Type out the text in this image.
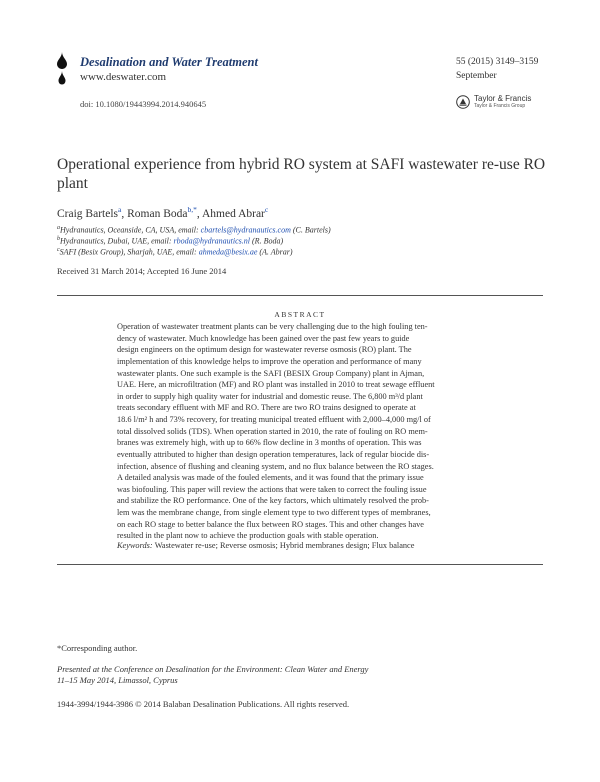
Desalination and Water Treatment
www.deswater.com
doi: 10.1080/19443994.2014.940645
55 (2015) 3149–3159
September
Taylor & Francis
Taylor & Francis Group
Operational experience from hybrid RO system at SAFI wastewater re-use RO plant
Craig Bartels$^a$, Roman Boda$^{b,*}$, Ahmed Abrar$^c$
$^a$Hydranautics, Oceanside, CA, USA, email: cbartels@hydranautics.com (C. Bartels)
$^b$Hydranautics, Dubai, UAE, email: rboda@hydranautics.nl (R. Boda)
$^c$SAFI (Besix Group), Sharjah, UAE, email: ahmeda@besix.ae (A. Abrar)
Received 31 March 2014; Accepted 16 June 2014
ABSTRACT

Operation of wastewater treatment plants can be very challenging due to the high fouling ten-

dency of wastewater. Much knowledge has been gained over the past few years to guide

design engineers on the optimum design for wastewater reverse osmosis (RO) plant. The

implementation of this knowledge helps to improve the operation and performance of many

wastewater plants. One such example is the SAFI (BESIX Group Company) plant in Ajman,

UAE. Here, an microfiltration (MF) and RO plant was installed in 2010 to treat sewage effluent

in order to supply high quality water for industrial and domestic reuse. The 6,800 m³/d plant

treats secondary effluent with MF and RO. There are two RO trains designed to operate at

18.6 l/m² h and 73% recovery, for treating municipal treated effluent with 2,000–4,000 mg/l of

total dissolved solids (TDS). When operation started in 2010, the rate of fouling on RO mem-

branes was extremely high, with up to 66% flow decline in 3 months of operation. This was

eventually attributed to higher than design operation temperatures, lack of regular biocide dis-

infection, absence of flushing and cleaning system, and no flux balance between the RO stages.

A detailed analysis was made of the fouled elements, and it was found that the primary issue

was biofouling. This paper will review the actions that were taken to correct the fouling issue

and stabilize the RO performance. One of the key factors, which ultimately resolved the prob-

lem was the membrane change, from single element type to two different types of membranes,

on each RO stage to better balance the flux between RO stages. This and other changes have

resulted in the plant now to achieve the production goals with stable operation.

Keywords: Wastewater re-use; Reverse osmosis; Hybrid membranes design; Flux balance
*Corresponding author.
Presented at the Conference on Desalination for the Environment: Clean Water and Energy
11–15 May 2014, Limassol, Cyprus
1944-3994/1944-3986 © 2014 Balaban Desalination Publications. All rights reserved.
